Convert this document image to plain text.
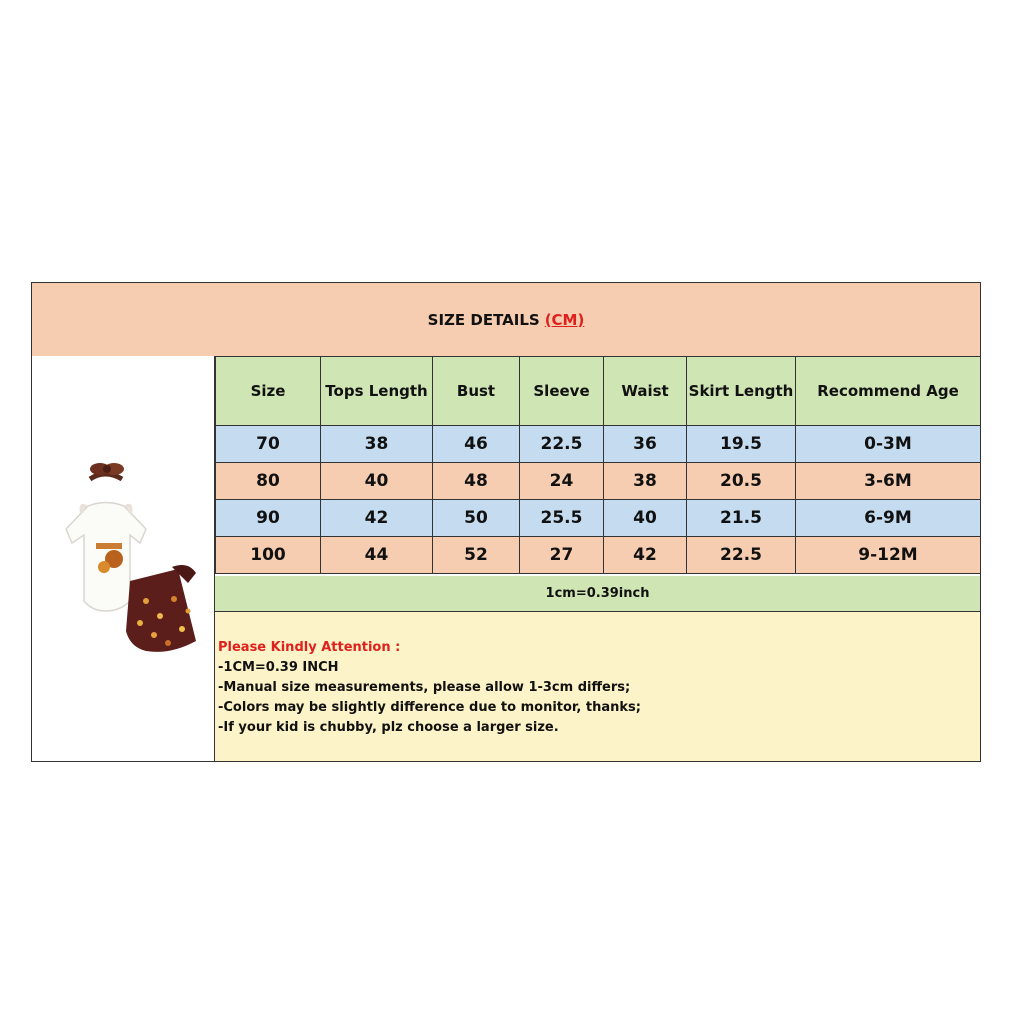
SIZE DETAILS (CM)
Size	Tops Length	Bust	Sleeve	Waist	Skirt Length	Recommend Age
70	38	46	22.5	36	19.5	0-3M
80	40	48	24	38	20.5	3-6M
90	42	50	25.5	40	21.5	6-9M
100	44	52	27	42	22.5	9-12M
1cm=0.39inch
Please Kindly Attention :
-1CM=0.39 INCH
-Manual size measurements, please allow 1-3cm differs;
-Colors may be slightly difference due to monitor, thanks;
-If your kid is chubby, plz choose a larger size.
